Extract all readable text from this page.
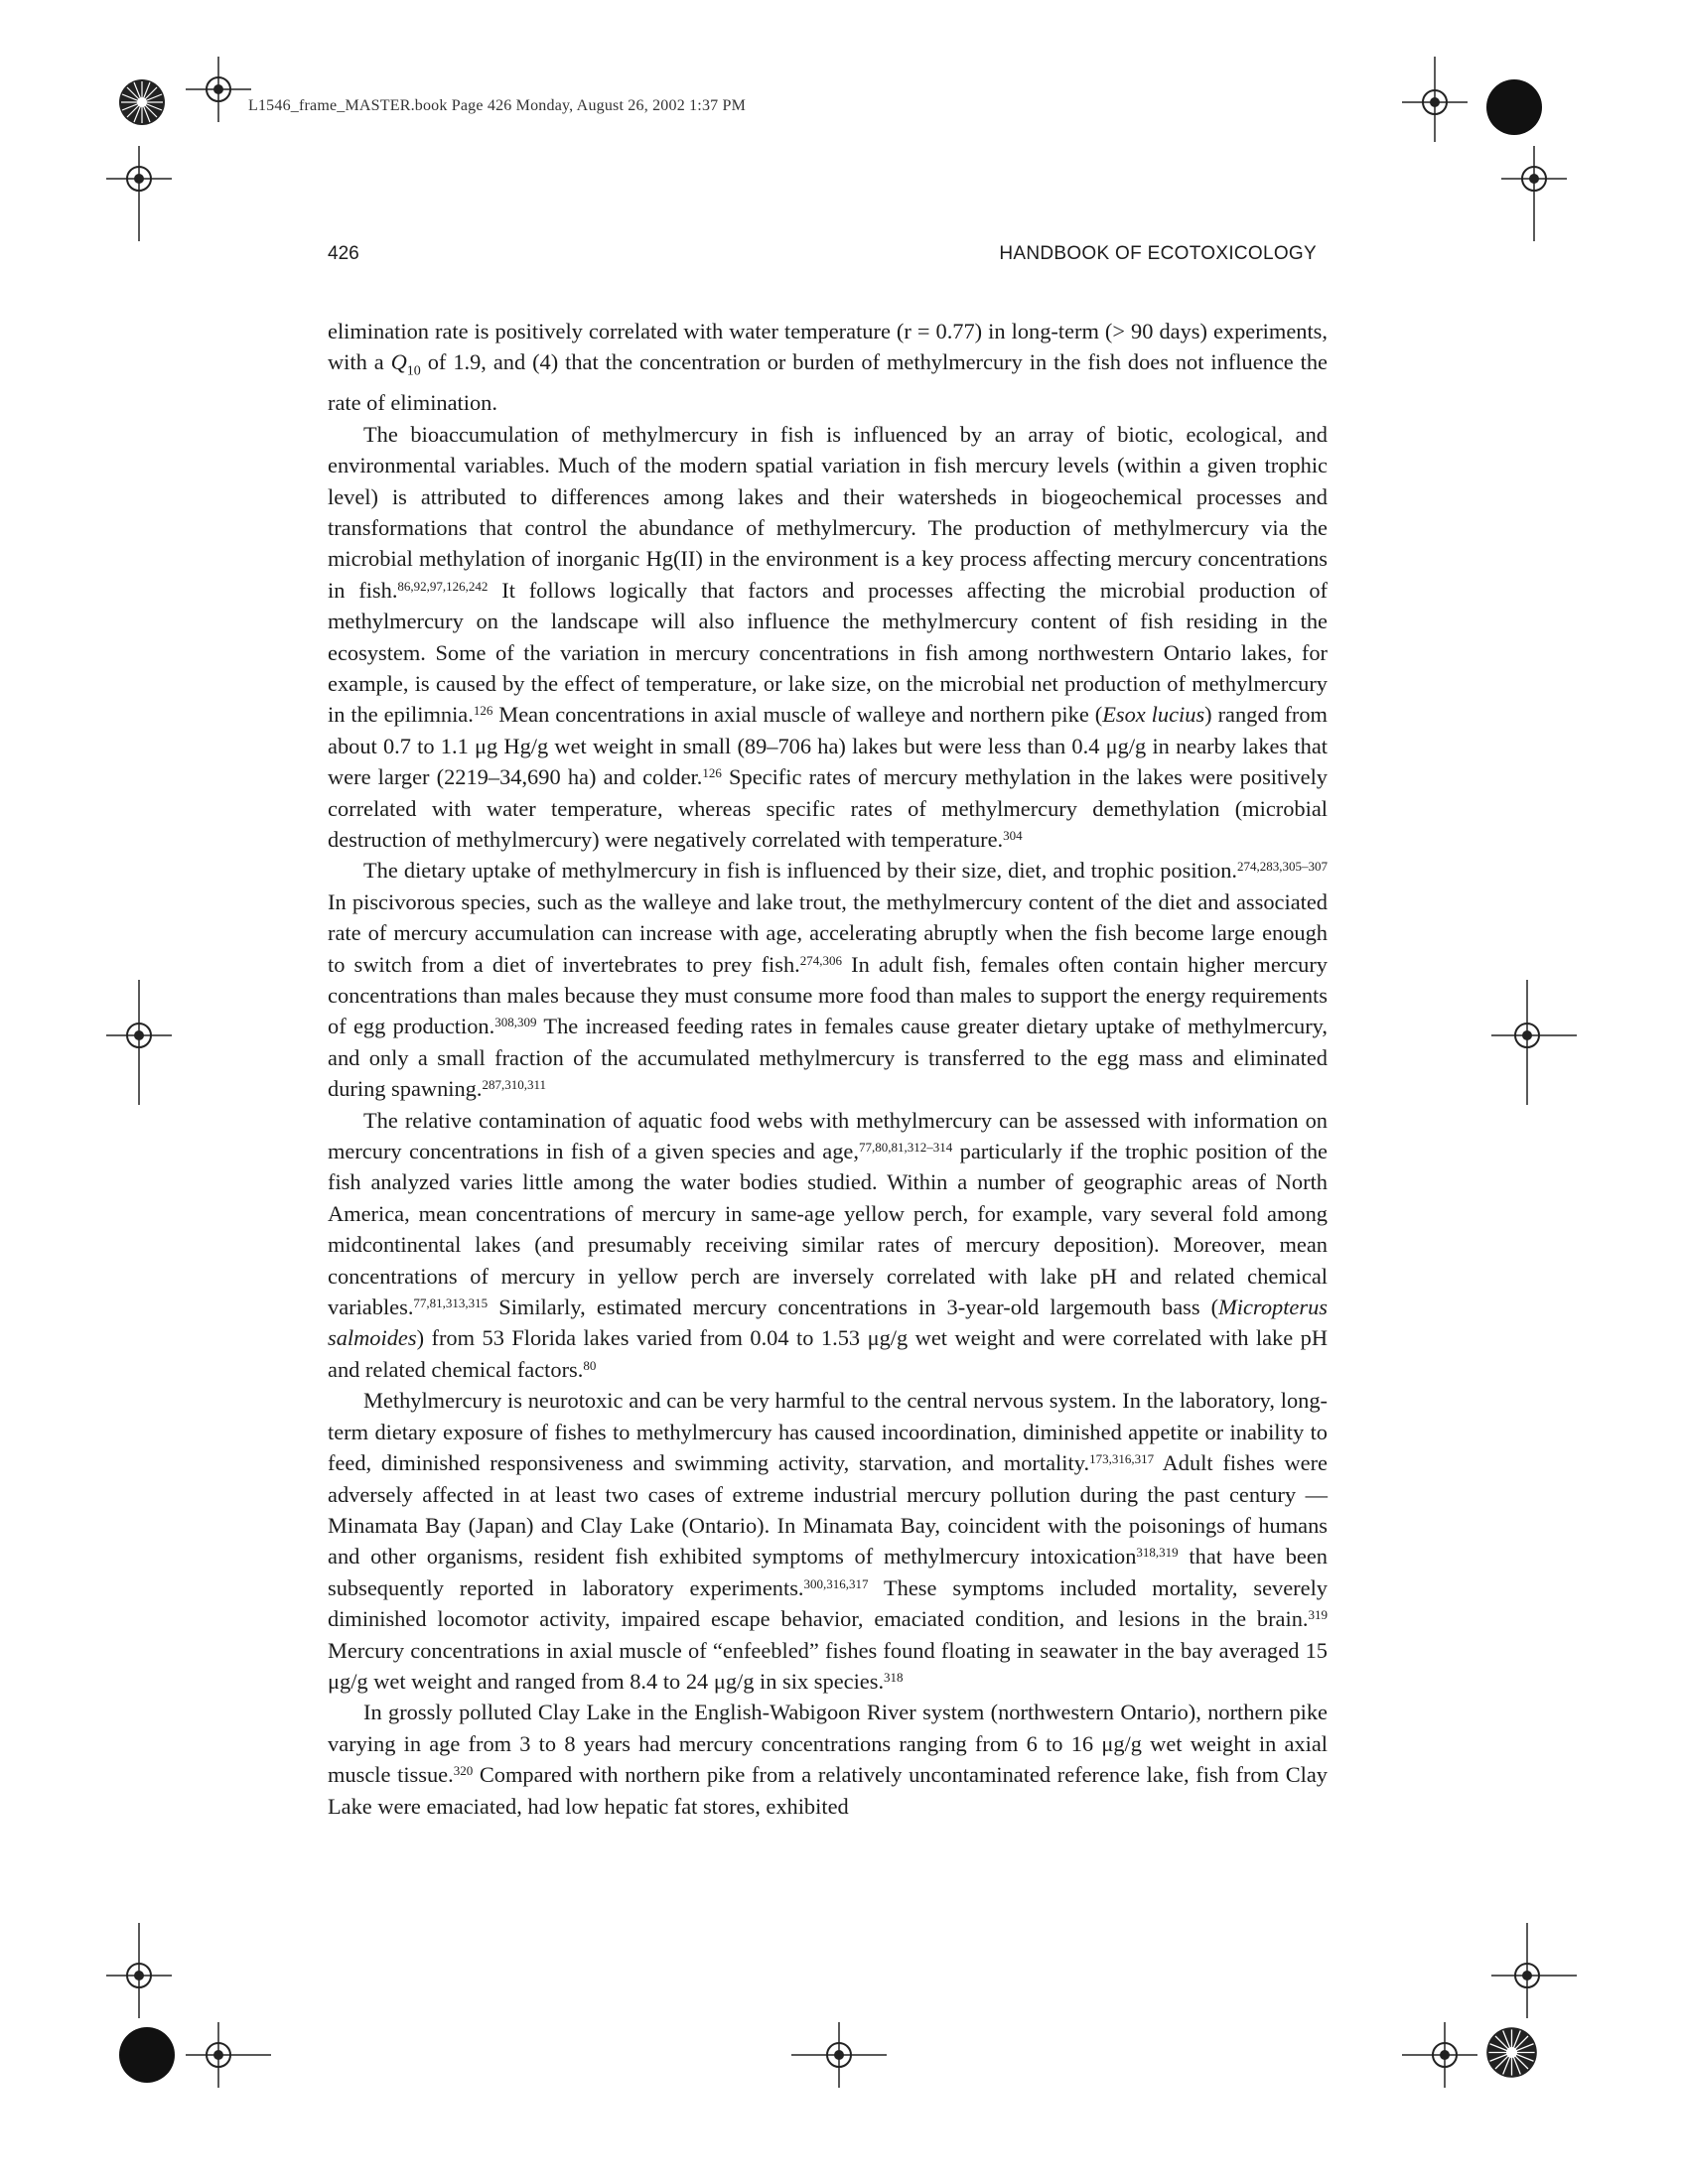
L1546_frame_MASTER.book Page 426 Monday, August 26, 2002 1:37 PM
426	HANDBOOK OF ECOTOXICOLOGY

elimination rate is positively correlated with water temperature (r = 0.77) in long-term (> 90 days) experiments, with a $Q_{10}$ of 1.9, and (4) that the concentration or burden of methylmercury in the fish does not influence the rate of elimination.

The bioaccumulation of methylmercury in fish is influenced by an array of biotic, ecological, and environmental variables. Much of the modern spatial variation in fish mercury levels (within a given trophic level) is attributed to differences among lakes and their watersheds in biogeochemical processes and transformations that control the abundance of methylmercury. The production of methylmercury via the microbial methylation of inorganic Hg(II) in the environment is a key process affecting mercury concentrations in fish.$^{86,92,97,126,242}$ It follows logically that factors and processes affecting the microbial production of methylmercury on the landscape will also influence the methylmercury content of fish residing in the ecosystem. Some of the variation in mercury concentrations in fish among northwestern Ontario lakes, for example, is caused by the effect of temperature, or lake size, on the microbial net production of methylmercury in the epilimnia.$^{126}$ Mean concentrations in axial muscle of walleye and northern pike (Esox lucius) ranged from about 0.7 to 1.1 μg Hg/g wet weight in small (89–706 ha) lakes but were less than 0.4 μg/g in nearby lakes that were larger (2219–34,690 ha) and colder.$^{126}$ Specific rates of mercury methylation in the lakes were positively correlated with water temperature, whereas specific rates of methylmercury demethylation (microbial destruction of methylmercury) were negatively correlated with temperature.$^{304}$

The dietary uptake of methylmercury in fish is influenced by their size, diet, and trophic position.$^{274,283,305-307}$ In piscivorous species, such as the walleye and lake trout, the methylmercury content of the diet and associated rate of mercury accumulation can increase with age, accelerating abruptly when the fish become large enough to switch from a diet of invertebrates to prey fish.$^{274,306}$ In adult fish, females often contain higher mercury concentrations than males because they must consume more food than males to support the energy requirements of egg production.$^{308,309}$ The increased feeding rates in females cause greater dietary uptake of methylmercury, and only a small fraction of the accumulated methylmercury is transferred to the egg mass and eliminated during spawning.$^{287,310,311}$

The relative contamination of aquatic food webs with methylmercury can be assessed with information on mercury concentrations in fish of a given species and age,$^{77,80,81,312-314}$ particularly if the trophic position of the fish analyzed varies little among the water bodies studied. Within a number of geographic areas of North America, mean concentrations of mercury in same-age yellow perch, for example, vary several fold among midcontinental lakes (and presumably receiving similar rates of mercury deposition). Moreover, mean concentrations of mercury in yellow perch are inversely correlated with lake pH and related chemical variables.$^{77,81,313,315}$ Similarly, estimated mercury concentrations in 3-year-old largemouth bass (Micropterus salmoides) from 53 Florida lakes varied from 0.04 to 1.53 μg/g wet weight and were correlated with lake pH and related chemical factors.$^{80}$

Methylmercury is neurotoxic and can be very harmful to the central nervous system. In the laboratory, long-term dietary exposure of fishes to methylmercury has caused incoordination, diminished appetite or inability to feed, diminished responsiveness and swimming activity, starvation, and mortality.$^{173,316,317}$ Adult fishes were adversely affected in at least two cases of extreme industrial mercury pollution during the past century — Minamata Bay (Japan) and Clay Lake (Ontario). In Minamata Bay, coincident with the poisonings of humans and other organisms, resident fish exhibited symptoms of methylmercury intoxication$^{318,319}$ that have been subsequently reported in laboratory experiments.$^{300,316,317}$ These symptoms included mortality, severely diminished locomotor activity, impaired escape behavior, emaciated condition, and lesions in the brain.$^{319}$ Mercury concentrations in axial muscle of “enfeebled” fishes found floating in seawater in the bay averaged 15 μg/g wet weight and ranged from 8.4 to 24 μg/g in six species.$^{318}$

In grossly polluted Clay Lake in the English-Wabigoon River system (northwestern Ontario), northern pike varying in age from 3 to 8 years had mercury concentrations ranging from 6 to 16 μg/g wet weight in axial muscle tissue.$^{320}$ Compared with northern pike from a relatively uncontaminated reference lake, fish from Clay Lake were emaciated, had low hepatic fat stores, exhibited
